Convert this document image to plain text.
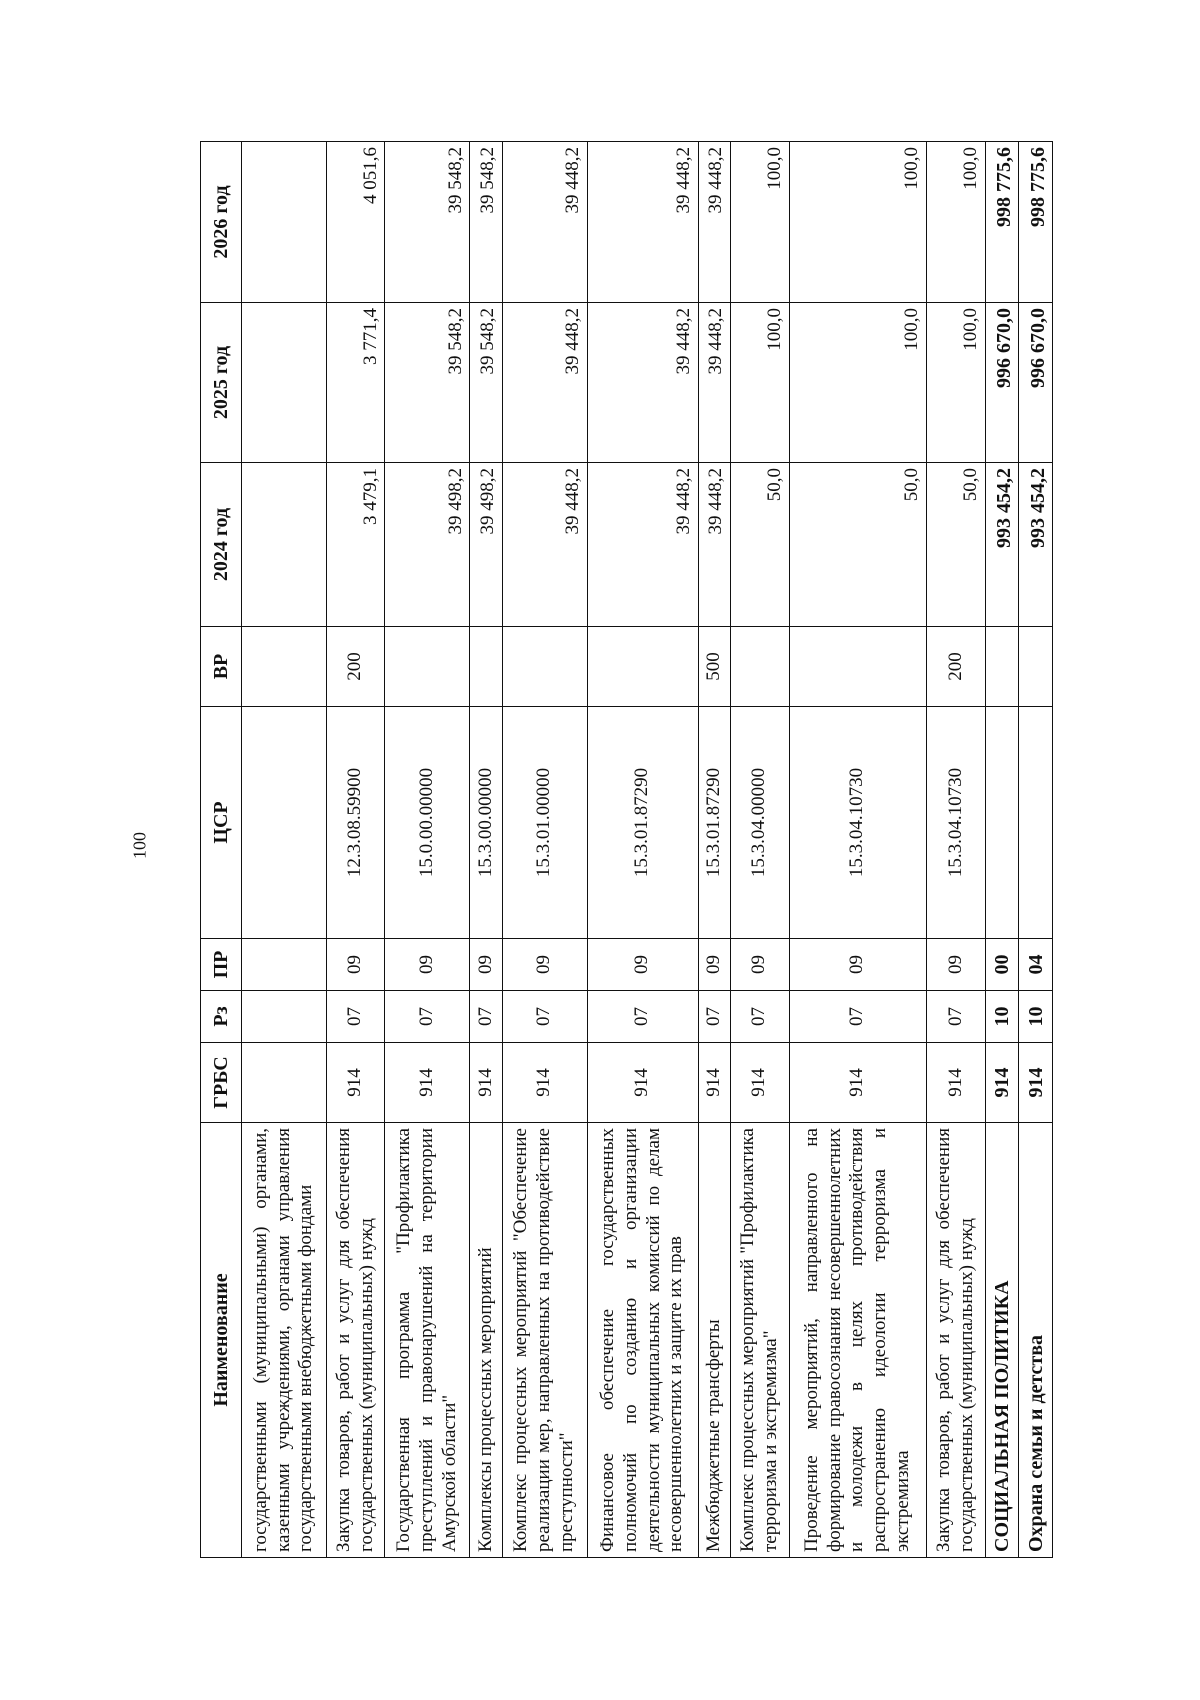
100
Наименование	ГРБС	Рз	ПР	ЦСР	ВР	2024 год	2025 год	2026 год
государственными (муниципальными) органами, казенными учреждениями, органами управления государственными внебюджетными фондами								
Закупка товаров, работ и услуг для обеспечения государственных (муниципальных) нужд	914	07	09	12.3.08.59900	200	3 479,1	3 771,4	4 051,6
Государственная программа "Профилактика преступлений и правонарушений на территории Амурской области"	914	07	09	15.0.00.00000		39 498,2	39 548,2	39 548,2
Комплексы процессных мероприятий	914	07	09	15.3.00.00000		39 498,2	39 548,2	39 548,2
Комплекс процессных мероприятий "Обеспечение реализации мер, направленных на противодействие преступности"	914	07	09	15.3.01.00000		39 448,2	39 448,2	39 448,2
Финансовое обеспечение государственных полномочий по созданию и организации деятельности муниципальных комиссий по делам несовершеннолетних и защите их прав	914	07	09	15.3.01.87290		39 448,2	39 448,2	39 448,2
Межбюджетные трансферты	914	07	09	15.3.01.87290	500	39 448,2	39 448,2	39 448,2
Комплекс процессных мероприятий "Профилактика терроризма и экстремизма"	914	07	09	15.3.04.00000		50,0	100,0	100,0
Проведение мероприятий, направленного на формирование правосознания несовершеннолетних и молодежи в целях противодействия распространению идеологии терроризма и экстремизма	914	07	09	15.3.04.10730		50,0	100,0	100,0
Закупка товаров, работ и услуг для обеспечения государственных (муниципальных) нужд	914	07	09	15.3.04.10730	200	50,0	100,0	100,0
СОЦИАЛЬНАЯ ПОЛИТИКА	914	10	00			993 454,2	996 670,0	998 775,6
Охрана семьи и детства	914	10	04			993 454,2	996 670,0	998 775,6
